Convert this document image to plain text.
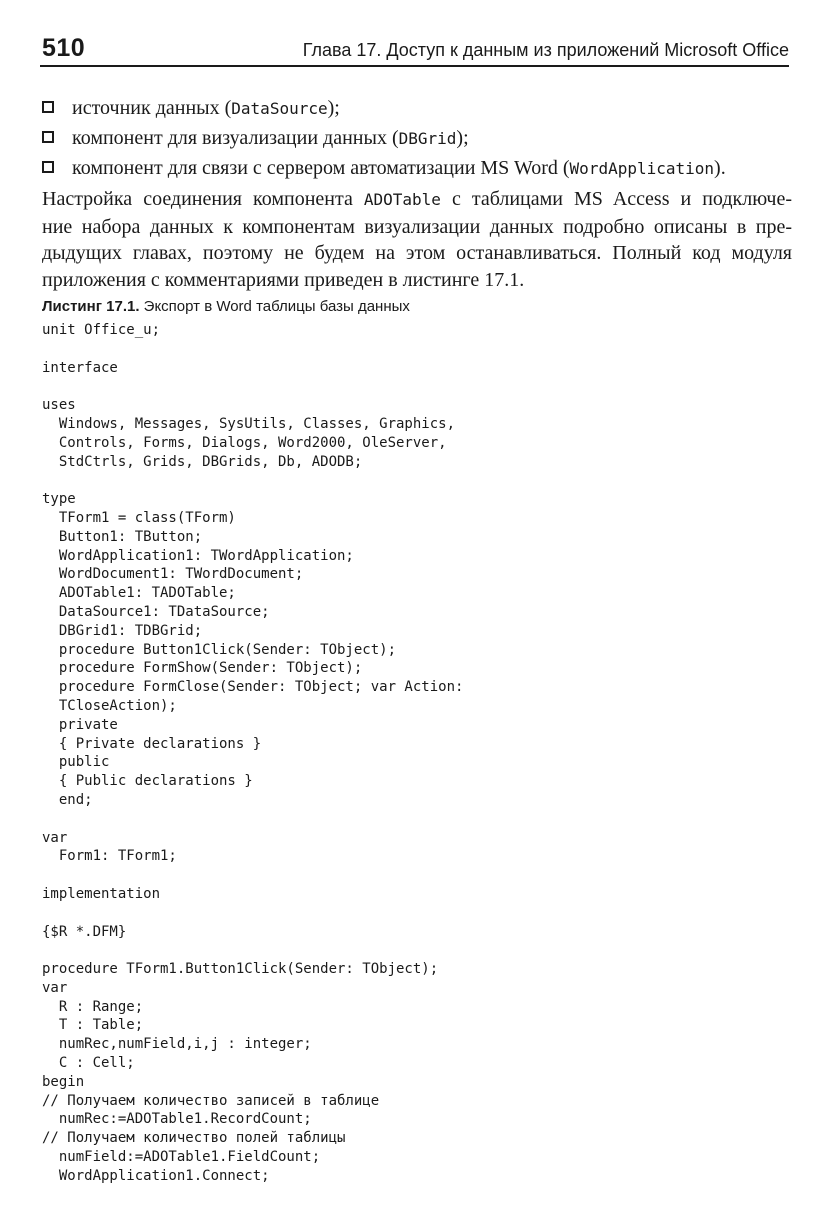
510	Глава 17. Доступ к данным из приложений Microsoft Office
источник данных (DataSource);
компонент для визуализации данных (DBGrid);
компонент для связи с сервером автоматизации MS Word (WordApplication).
Настройка соединения компонента ADOTable с таблицами MS Access и подключе-
ние набора данных к компонентам визуализации данных подробно описаны в пре-
дыдущих главах, поэтому не будем на этом останавливаться. Полный код модуля
приложения с комментариями приведен в листинге 17.1.
Листинг 17.1. Экспорт в Word таблицы базы данных
unit Office_u;
interface
uses
Windows, Messages, SysUtils, Classes, Graphics,
Controls, Forms, Dialogs, Word2000, OleServer,
StdCtrls, Grids, DBGrids, Db, ADODB;
type
TForm1 = class(TForm)
Button1: TButton;
WordApplication1: TWordApplication;
WordDocument1: TWordDocument;
ADOTable1: TADOTable;
DataSource1: TDataSource;
DBGrid1: TDBGrid;
procedure Button1Click(Sender: TObject);
procedure FormShow(Sender: TObject);
procedure FormClose(Sender: TObject; var Action:
TCloseAction);
private
{ Private declarations }
public
{ Public declarations }
end;
var
Form1: TForm1;
implementation
{$R *.DFM}
procedure TForm1.Button1Click(Sender: TObject);
var
R : Range;
T : Table;
numRec,numField,i,j : integer;
C : Cell;
begin
// Получаем количество записей в таблице
numRec:=ADOTable1.RecordCount;
// Получаем количество полей таблицы
numField:=ADOTable1.FieldCount;
WordApplication1.Connect;
